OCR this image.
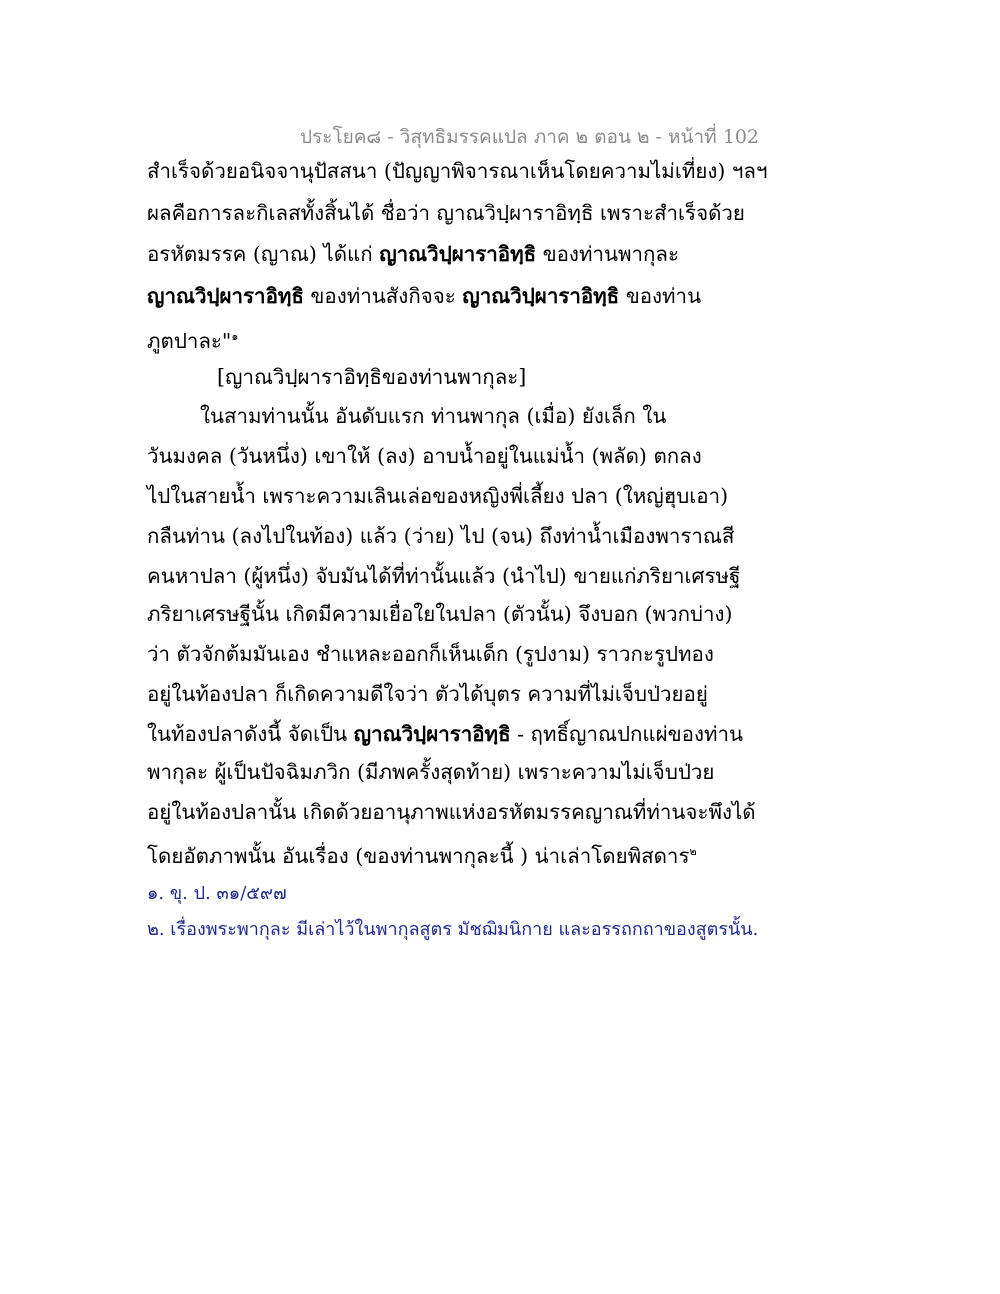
ประโยค๘ - วิสุทธิมรรคแปล ภาค ๒ ตอน ๒ - หน้าที่ 102
สำเร็จด้วยอนิจจานุปัสสนา (ปัญญาพิจารณาเห็นโดยความไม่เที่ยง) ฯลฯ
ผลคือการละกิเลสทั้งสิ้นได้ ชื่อว่า ญาณวิปฺผาราอิทฺธิ เพราะสำเร็จด้วย
อรหัตมรรค (ญาณ) ได้แก่ ญาณวิปฺผาราอิทฺธิ ของท่านพากุละ
ญาณวิปฺผาราอิทฺธิ ของท่านสังกิจจะ ญาณวิปฺผาราอิทฺธิ ของท่าน
ภูตปาละ"$^๑$
[ญาณวิปฺผาราอิทฺธิของท่านพากุละ]
ในสามท่านนั้น อันดับแรก ท่านพากุล (เมื่อ) ยังเล็ก ใน
วันมงคล (วันหนึ่ง) เขาให้ (ลง) อาบน้ำอยู่ในแม่น้ำ (พลัด) ตกลง
ไปในสายน้ำ เพราะความเลินเล่อของหญิงพี่เลี้ยง ปลา (ใหญ่ฮุบเอา)
กลืนท่าน (ลงไปในท้อง) แล้ว (ว่าย) ไป (จน) ถึงท่าน้ำเมืองพาราณสี
คนหาปลา (ผู้หนึ่ง) จับมันได้ที่ท่านั้นแล้ว (นำไป) ขายแก่ภริยาเศรษฐี
ภริยาเศรษฐีนั้น เกิดมีความเยื่อใยในปลา (ตัวนั้น) จึงบอก (พวกบ่าง)
ว่า ตัวจักต้มมันเอง ชำแหละออกก็เห็นเด็ก (รูปงาม) ราวกะรูปทอง
อยู่ในท้องปลา ก็เกิดความดีใจว่า ตัวได้บุตร ความที่ไม่เจ็บป่วยอยู่
ในท้องปลาดังนี้ จัดเป็น ญาณวิปฺผาราอิทฺธิ - ฤทธิ์ญาณปกแผ่ของท่าน
พากุละ ผู้เป็นปัจฉิมภวิก (มีภพครั้งสุดท้าย) เพราะความไม่เจ็บป่วย
อยู่ในท้องปลานั้น เกิดด้วยอานุภาพแห่งอรหัตมรรคญาณที่ท่านจะพึงได้
โดยอัตภาพนั้น อันเรื่อง (ของท่านพากุละนี้ ) น่าเล่าโดยพิสดาร$^๒$
๑. ขุ. ป. ๓๑/๕๙๗
๒. เรื่องพระพากุละ มีเล่าไว้ในพากุลสูตร มัชฌิมนิกาย และอรรถกถาของสูตรนั้น.
